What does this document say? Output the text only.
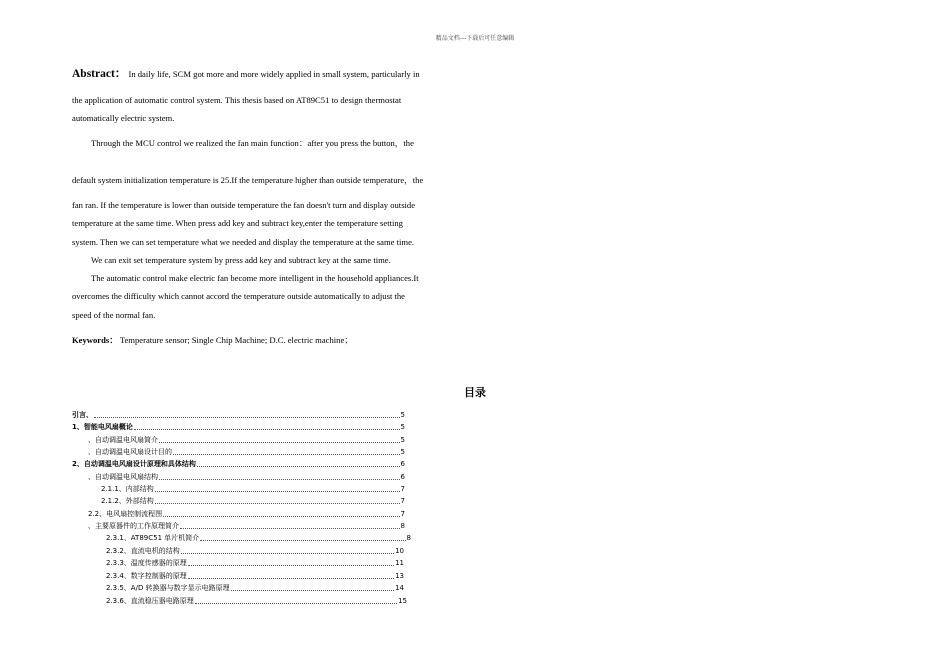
精品文档---下载后可任意编辑
Abstract： In daily life, SCM got more and more widely applied in small system, particularly in
the application of automatic control system. This thesis based on AT89C51 to design thermostat
automatically electric system.
Through the MCU control we realized the fan main function：after you press the button，the
default system initialization temperature is 25.If the temperature higher than outside temperature，the
fan ran. If the temperature is lower than outside temperature the fan doesn't turn and display outside
temperature at the same time. When press add key and subtract key,enter the temperature setting
system. Then we can set temperature what we needed and display the temperature at the same time.
We can exit set temperature system by press add key and subtract key at the same time.
The automatic control make electric fan become more intelligent in the household appliances.It
overcomes the difficulty which cannot accord the temperature outside automatically to adjust the
speed of the normal fan.
Keywords： Temperature sensor; Single Chip Machine; D.C. electric machine；
目录
引言、	5
1、智能电风扇概论	5
、自动调温电风扇简介	5
、自动调温电风扇设计目的	5
2、自动调温电风扇设计原理和具体结构	6
、自动调温电风扇结构	6
2.1.1、内部结构	7
2.1.2、外部结构	7
2.2、电风扇控制流程图	7
、主要原器件的工作原理简介	8
2.3.1、AT89C51 单片机简介	8
2.3.2、直流电机的结构	10
2.3.3、温度传感器的原理	11
2.3.4、数字控制器的原理	13
2.3.5、A/D 转换器与数字显示电路原理	14
2.3.6、直流稳压器电路原理	15
